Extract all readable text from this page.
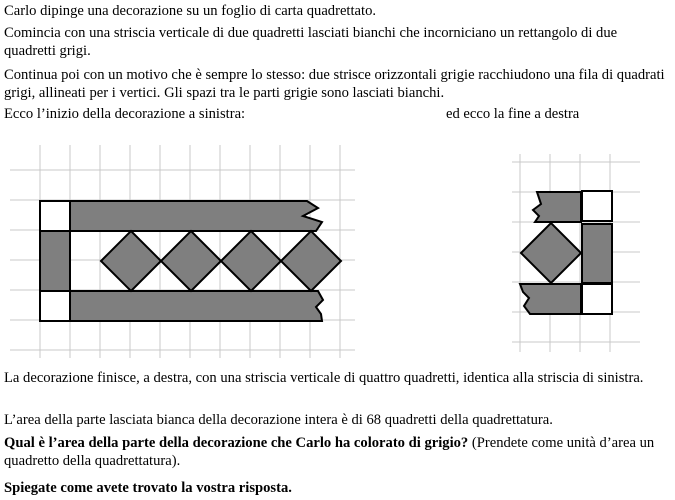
Carlo dipinge una decorazione su un foglio di carta quadrettato.
Comincia con una striscia verticale di due quadretti lasciati bianchi che incorniciano un rettangolo di due quadretti grigi.
Continua poi con un motivo che è sempre lo stesso: due strisce orizzontali grigie racchiudono una fila di quadrati grigi, allineati per i vertici. Gli spazi tra le parti grigie sono lasciati bianchi.
Ecco l’inizio della decorazione a sinistra:	ed ecco la fine a destra
La decorazione finisce, a destra, con una striscia verticale di quattro quadretti, identica alla striscia di sinistra.
L’area della parte lasciata bianca della decorazione intera è di 68 quadretti della quadrettatura.
Qual è l’area della parte della decorazione che Carlo ha colorato di grigio? (Prendete come unità d’area un quadretto della quadrettatura).
Spiegate come avete trovato la vostra risposta.
